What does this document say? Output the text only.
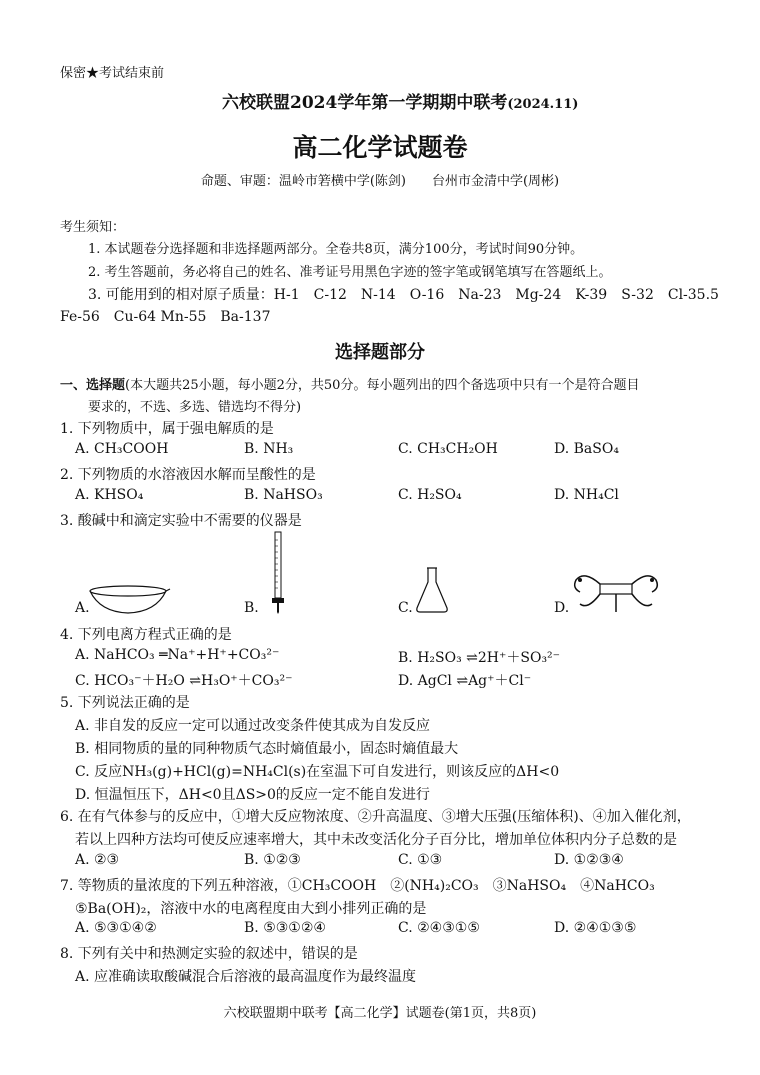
保密★考试结束前
六校联盟2024学年第一学期期中联考(2024.11)
高二化学试题卷
命题、审题：温岭市箬横中学(陈剑)　　台州市金清中学(周彬)
考生须知：
1. 本试题卷分选择题和非选择题两部分。全卷共8页，满分100分，考试时间90分钟。
2. 考生答题前，务必将自己的姓名、准考证号用黑色字迹的签字笔或钢笔填写在答题纸上。
3. 可能用到的相对原子质量：H-1　C-12　N-14　O-16　Na-23　Mg-24　K-39　S-32　Cl-35.5
Fe-56　Cu-64 Mn-55　Ba-137
选择题部分
一、选择题(本大题共25小题，每小题2分，共50分。每小题列出的四个备选项中只有一个是符合题目
要求的，不选、多选、错选均不得分)
1. 下列物质中，属于强电解质的是
A. CH₃COOH	B. NH₃	C. CH₃CH₂OH	D. BaSO₄
2. 下列物质的水溶液因水解而呈酸性的是
A. KHSO₄	B. NaHSO₃	C. H₂SO₄	D. NH₄Cl
3. 酸碱中和滴定实验中不需要的仪器是
A.	B.	C.	D.
4. 下列电离方程式正确的是
A. NaHCO₃ ═Na⁺+H⁺+CO₃²⁻	B. H₂SO₃ ⇌2H⁺＋SO₃²⁻
C. HCO₃⁻＋H₂O ⇌H₃O⁺＋CO₃²⁻	D. AgCl ⇌Ag⁺＋Cl⁻
5. 下列说法正确的是
A. 非自发的反应一定可以通过改变条件使其成为自发反应
B. 相同物质的量的同种物质气态时熵值最小，固态时熵值最大
C. 反应NH₃(g)+HCl(g)=NH₄Cl(s)在室温下可自发进行，则该反应的ΔH<0
D. 恒温恒压下，ΔH<0且ΔS>0的反应一定不能自发进行
6. 在有气体参与的反应中，①增大反应物浓度、②升高温度、③增大压强(压缩体积)、④加入催化剂，
若以上四种方法均可使反应速率增大，其中未改变活化分子百分比，增加单位体积内分子总数的是
A. ②③	B. ①②③	C. ①③	D. ①②③④
7. 等物质的量浓度的下列五种溶液，①CH₃COOH　②(NH₄)₂CO₃　③NaHSO₄　④NaHCO₃
⑤Ba(OH)₂，溶液中水的电离程度由大到小排列正确的是
A. ⑤③①④②	B. ⑤③①②④	C. ②④③①⑤	D. ②④①③⑤
8. 下列有关中和热测定实验的叙述中，错误的是
A. 应准确读取酸碱混合后溶液的最高温度作为最终温度
六校联盟期中联考【高二化学】试题卷(第1页，共8页)
